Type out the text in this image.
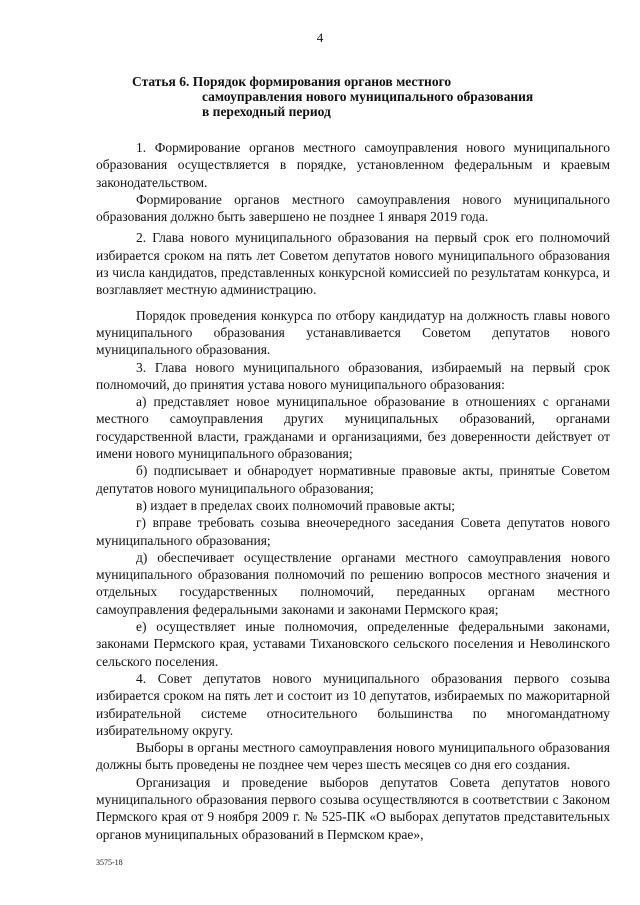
4
Статья 6. Порядок формирования органов местного
самоуправления нового муниципального образования
в переходный период

1. Формирование органов местного самоуправления нового муниципального образования осуществляется в порядке, установленном федеральным и краевым законодательством.

Формирование органов местного самоуправления нового муниципального образования должно быть завершено не позднее 1 января 2019 года.

2. Глава нового муниципального образования на первый срок его полномочий избирается сроком на пять лет Советом депутатов нового муниципального образования из числа кандидатов, представленных конкурсной комиссией по результатам конкурса, и возглавляет местную администрацию.

Порядок проведения конкурса по отбору кандидатур на должность главы нового муниципального образования устанавливается Советом депутатов нового муниципального образования.

3. Глава нового муниципального образования, избираемый на первый срок полномочий, до принятия устава нового муниципального образования:

а) представляет новое муниципальное образование в отношениях с органами местного самоуправления других муниципальных образований, органами государственной власти, гражданами и организациями, без доверенности действует от имени нового муниципального образования;

б) подписывает и обнародует нормативные правовые акты, принятые Советом депутатов нового муниципального образования;

в) издает в пределах своих полномочий правовые акты;

г) вправе требовать созыва внеочередного заседания Совета депутатов нового муниципального образования;

д) обеспечивает осуществление органами местного самоуправления нового муниципального образования полномочий по решению вопросов местного значения и отдельных государственных полномочий, переданных органам местного самоуправления федеральными законами и законами Пермского края;

е) осуществляет иные полномочия, определенные федеральными законами, законами Пермского края, уставами Тихановского сельского поселения и Неволинского сельского поселения.

4. Совет депутатов нового муниципального образования первого созыва избирается сроком на пять лет и состоит из 10 депутатов, избираемых по мажоритарной избирательной системе относительного большинства по многомандатному избирательному округу.

Выборы в органы местного самоуправления нового муниципального образования должны быть проведены не позднее чем через шесть месяцев со дня его создания.

Организация и проведение выборов депутатов Совета депутатов нового муниципального образования первого созыва осуществляются в соответствии с Законом Пермского края от 9 ноября 2009 г. № 525-ПК «О выборах депутатов представительных органов муниципальных образований в Пермском крае»,

3575-18
